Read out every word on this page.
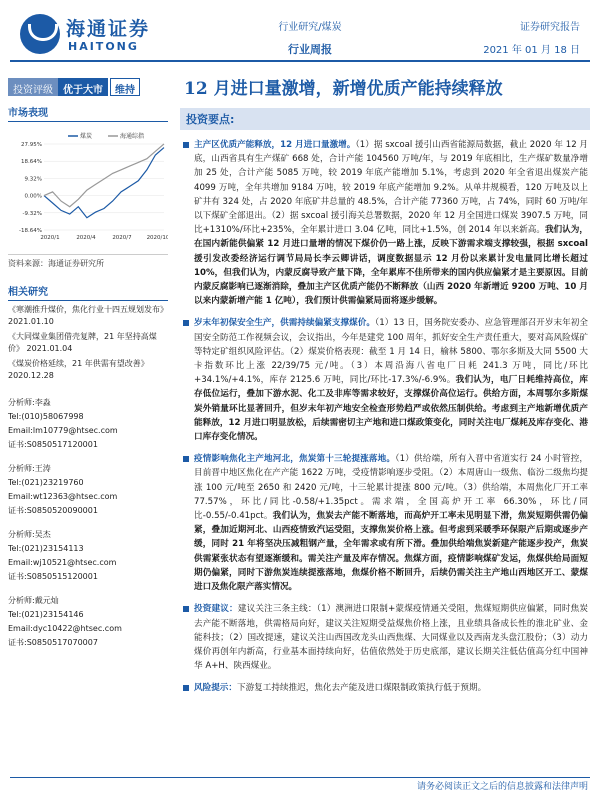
海通证券
HAITONG
行业研究/煤炭
行业周报
证券研究报告
2021 年 01 月 18 日
投资评级	优于大市	维持	12 月进口量激增，新增优质产能持续释放
市场表现
煤炭	海通综指
27.95%
18.64%
9.32%
0.00%
-9.32%
-18.64%
2020/1	2020/4	2020/7	2020/10
资料来源：海通证券研究所
相关研究
《寒潮推升煤价，焦化行业十四五规划发布》 2021.01.10
《大同煤业集团借壳复牌，21 年坚持高煤价》 2021.01.04
《煤炭价格延续，21 年供需有望改善》 2020.12.28
分析师:李淼
Tel:(010)58067998
Email:lm10779@htsec.com
证书:S0850517120001
分析师:王涛
Tel:(021)23219760
Email:wt12363@htsec.com
证书:S0850520090001
分析师:吴杰
Tel:(021)23154113
Email:wj10521@htsec.com
证书:S0850515120001
分析师:戴元灿
Tel:(021)23154146
Email:dyc10422@htsec.com
证书:S0850517070007
投资要点:
主产区优质产能释放，12 月进口量激增。（1）据 sxcoal 援引山西省能源局数据，截止 2020 年 12 月底，山西省具有生产煤矿 668 处，合计产能 104560 万吨/年，与 2019 年底相比，生产煤矿数量净增加 25 处，合计产能 5085 万吨，较 2019 年底产能增加 5.1%，考虑到 2020 年全省退出煤炭产能 4099 万吨，全年共增加 9184 万吨，较 2019 年底产能增加 9.2%。从单井规模看，120 万吨及以上矿井有 324 处，占 2020 年底矿井总量的 48.5%，合计产能 77360 万吨，占 74%，同时 60 万吨/年以下煤矿全部退出。（2）据 sxcoal 援引海关总署数据，2020 年 12 月全国进口煤炭 3907.5 万吨，同比+1310%/环比+235%，全年累计进口 3.04 亿吨，同比+1.5%，创 2014 年以来新高。我们认为，在国内新能供偏紧 12 月进口量增的情况下煤价仍一路上涨，反映下游需求端支撑较强，根据 sxcoal 援引发改委经济运行调节局局长李云卿讲话，调度数据显示 12 月份以来累计发电量同比增长超过 10%，但我们认为，内蒙反腐导致产量下降，全年累库不佳所带来的国内供应偏紧才是主要原因。目前内蒙反腐影响已逐渐消除，叠加主产区优质产能仍不断释放（山西 2020 年新增近 9200 万吨、10 月以来内蒙新增产能 1 亿吨），我们预计供需偏紧局面将逐步缓解。
岁末年初保安全生产，供需持续偏紧支撑煤价。（1）13 日，国务院安委办、应急管理部召开岁末年初全国安全防范工作视频会议，会议指出，今年是建党 100 周年，抓好安全生产责任重大，要对高风险煤矿等特定矿组织风险评估。（2）煤炭价格表现：截至 1 月 14 日，榆林 5800、鄂尔多斯及大同 5500 大卡指数环比上涨 22/39/75 元/吨。（3）本周沿海八省电厂日耗 241.3 万吨，同比/环比+34.1%/+4.1%，库存 2125.6 万吨，同比/环比-17.3%/-6.9%。我们认为，电厂日耗维持高位，库存低位运行，叠加下游水泥、化工及非库等需求较好，支撑煤价高位运行。供给方面，本周鄂尔多斯煤炭外销量环比显著回升，但岁末年初产地安全检查形势趋严或依然压制供给。考虑到主产地新增优质产能释放，12 月进口明显放松，后续需密切主产地和进口煤政策变化，同时关注电厂煤耗及库存变化、港口库存变化情况。
疫情影响焦化主产地河北，焦炭第十三轮提涨落地。（1）供给端，所有入晋中省道实行 24 小时管控，目前晋中地区焦化在产产能 1622 万吨，受疫情影响逐步受阻。（2）本周唐山一级焦、临汾二级焦均提涨 100 元/吨至 2650 和 2420 元/吨，十三轮累计提涨 800 元/吨。（3）供给端，本周焦化厂开工率 77.57%，环比/同比-0.58/+1.35pct。需求端，全国高炉开工率 66.30%，环比/同比-0.55/-0.41pct。我们认为，焦炭去产能不断落地，而高炉开工率未见明显下滑，焦炭短期供需仍偏紧，叠加近期河北、山西疫情致汽运受阻，支撑焦炭价格上涨。但考虑到采暖季环保限产后期或逐步产缓，同时 21 年将坚决压减粗钢产量，全年需求或有所下滑。叠加供给端焦炭新建产能逐步投产，焦炭供需紧张状态有望逐渐缓和。需关注产量及库存情况。焦煤方面，疫情影响煤矿发运，焦煤供给局面短期仍偏紧，同时下游焦炭连续提涨落地，焦煤价格不断回升，后续仍需关注主产地山西地区开工、蒙煤进口及焦化限产落实情况。
投资建议：建议关注三条主线：（1）澳洲进口限制+蒙煤疫情通关受阻，焦煤短期供应偏紧，同时焦炭去产能不断落地，供需格局向好，建议关注短期受益煤焦价格上涨，且业绩具备成长性的淮北矿业、金能科技；（2）国改提速，建议关注山西国改龙头山西焦煤、大同煤业以及西南龙头盘江股份；（3）动力煤价再创年内新高，行业基本面持续向好，估值依然处于历史底部，建议长期关注低估值高分红中国神华 A+H、陕西煤业。
风险提示：下游复工持续推迟，焦化去产能及进口煤限制政策执行低于预期。
请务必阅读正文之后的信息披露和法律声明
